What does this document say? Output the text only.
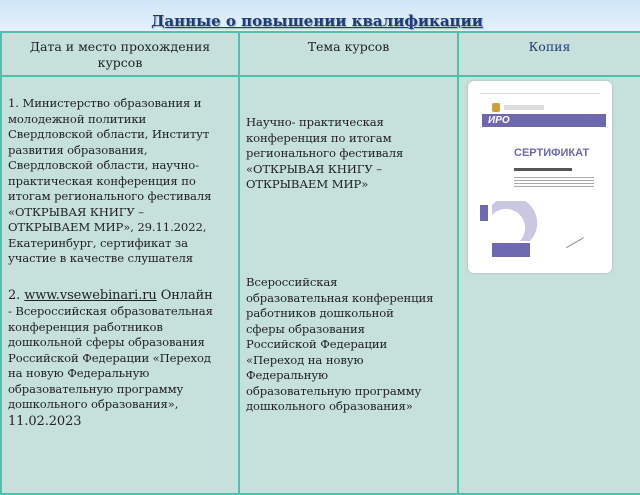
Данные о повышении квалификации
Дата и место прохождения курсов
Тема курсов	Копия
1. Министерство образования и
молодежной политики
Свердловской области, Институт
развития образования,
Свердловской области, научно-
практическая конференция по
итогам регионального фестиваля
«ОТКРЫВАЯ КНИГУ –
ОТКРЫВАЕМ МИР», 29.11.2022,
Екатеринбург, сертификат за
участие в качестве слушателя
2. www.vsewebinari.ru Онлайн
- Всероссийская образовательная
конференция работников
дошкольной сферы образования
Российской Федерации «Переход
на новую Федеральную
образовательную программу
дошкольного образования»,
11.02.2023
Научно- практическая
конференция по итогам
регионального фестиваля
«ОТКРЫВАЯ КНИГУ –
ОТКРЫВАЕМ МИР»
Всероссийская
образовательная конференция
работников дошкольной
сферы образования
Российской Федерации
«Переход на новую
Федеральную
образовательную программу
дошкольного образования»
ИРО
СЕРТИФИКАТ
